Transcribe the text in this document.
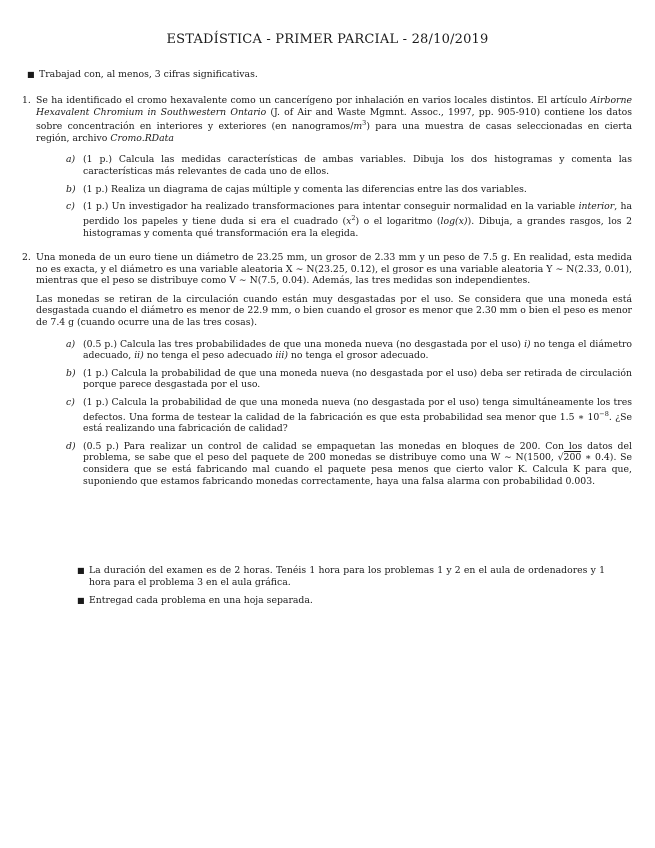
ESTADÍSTICA - PRIMER PARCIAL - 28/10/2019
■ Trabajad con, al menos, 3 cifras significativas.
1. Se ha identificado el cromo hexavalente como un cancerígeno por inhalación en varios locales distintos. El artículo Airborne Hexavalent Chromium in Southwestern Ontario (J. of Air and Waste Mgmnt. Assoc., 1997, pp. 905-910) contiene los datos sobre concentración en interiores y exteriores (en nanogramos/$m^3$) para una muestra de casas seleccionadas en cierta región, archivo Cromo.RData

a) (1 p.) Calcula las medidas características de ambas variables. Dibuja los dos histogramas y comenta las características más relevantes de cada uno de ellos.
b) (1 p.) Realiza un diagrama de cajas múltiple y comenta las diferencias entre las dos variables.
c) (1 p.) Un investigador ha realizado transformaciones para intentar conseguir normalidad en la variable interior, ha perdido los papeles y tiene duda si era el cuadrado $(x^2)$ o el logaritmo (log(x)). Dibuja, a grandes rasgos, los 2 histogramas y comenta qué transformación era la elegida.
2. Una moneda de un euro tiene un diámetro de 23.25 mm, un grosor de 2.33 mm y un peso de 7.5 g. En realidad, esta medida no es exacta, y el diámetro es una variable aleatoria X ∼ N(23.25, 0.12), el grosor es una variable aleatoria Y ∼ N(2.33, 0.01), mientras que el peso se distribuye como V ∼ N(7.5, 0.04). Además, las tres medidas son independientes.

Las monedas se retiran de la circulación cuando están muy desgastadas por el uso. Se considera que una moneda está desgastada cuando el diámetro es menor de 22.9 mm, o bien cuando el grosor es menor que 2.30 mm o bien el peso es menor de 7.4 g (cuando ocurre una de las tres cosas).

a) (0.5 p.) Calcula las tres probabilidades de que una moneda nueva (no desgastada por el uso) i) no tenga el diámetro adecuado, ii) no tenga el peso adecuado iii) no tenga el grosor adecuado.
b) (1 p.) Calcula la probabilidad de que una moneda nueva (no desgastada por el uso) deba ser retirada de circulación porque parece desgastada por el uso.
c) (1 p.) Calcula la probabilidad de que una moneda nueva (no desgastada por el uso) tenga simultáneamente los tres defectos. Una forma de testear la calidad de la fabricación es que esta probabilidad sea menor que 1.5 ∗ $10^{-8}$. ¿Se está realizando una fabricación de calidad?
d) (0.5 p.) Para realizar un control de calidad se empaquetan las monedas en bloques de 200. Con los datos del problema, se sabe que el peso del paquete de 200 monedas se distribuye como una W ∼ N(1500, √200 ∗ 0.4). Se considera que se está fabricando mal cuando el paquete pesa menos que cierto valor K. Calcula K para que, suponiendo que estamos fabricando monedas correctamente, haya una falsa alarma con probabilidad 0.003.
■ La duración del examen es de 2 horas. Tenéis 1 hora para los problemas 1 y 2 en el aula de ordenadores y 1 hora para el problema 3 en el aula gráfica.
■ Entregad cada problema en una hoja separada.
